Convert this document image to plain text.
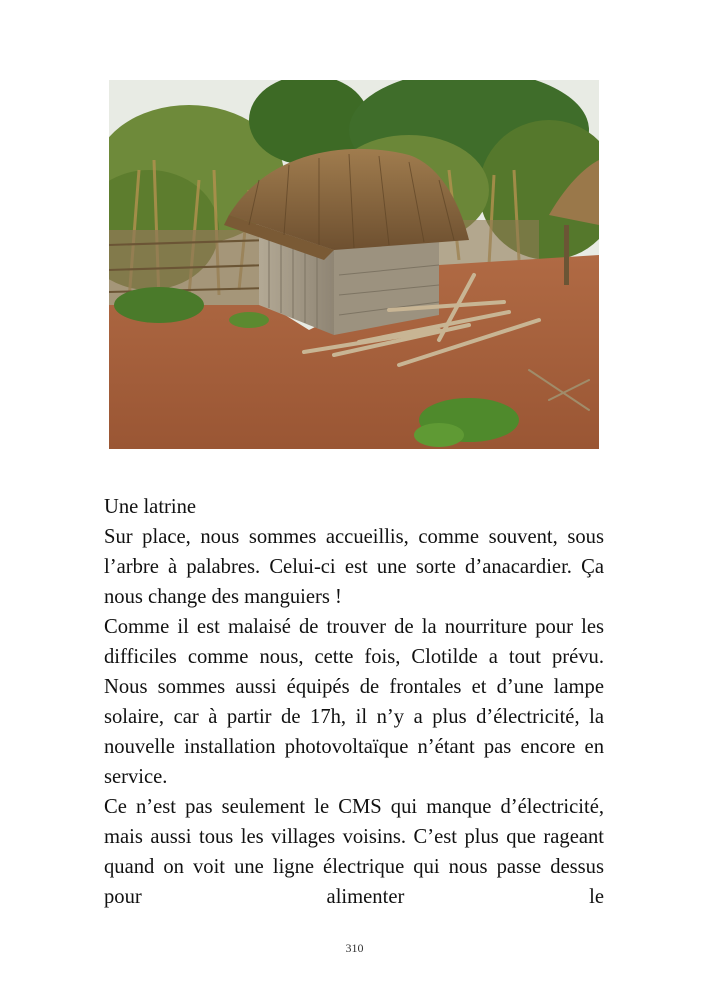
Une latrine

Sur place, nous sommes accueillis, comme souvent, sous l’arbre à palabres. Celui-ci est une sorte d’anacardier. Ça nous change des manguiers !

Comme il est malaisé de trouver de la nourriture pour les difficiles comme nous, cette fois, Clotilde a tout prévu. Nous sommes aussi équipés de frontales et d’une lampe solaire, car à partir de 17h, il n’y a plus d’électricité, la nouvelle installation photovoltaïque n’étant pas encore en service.

Ce n’est pas seulement le CMS qui manque d’électricité, mais aussi tous les villages voisins. C’est plus que rageant quand on voit une ligne électrique qui nous passe dessus pour alimenter le

310
